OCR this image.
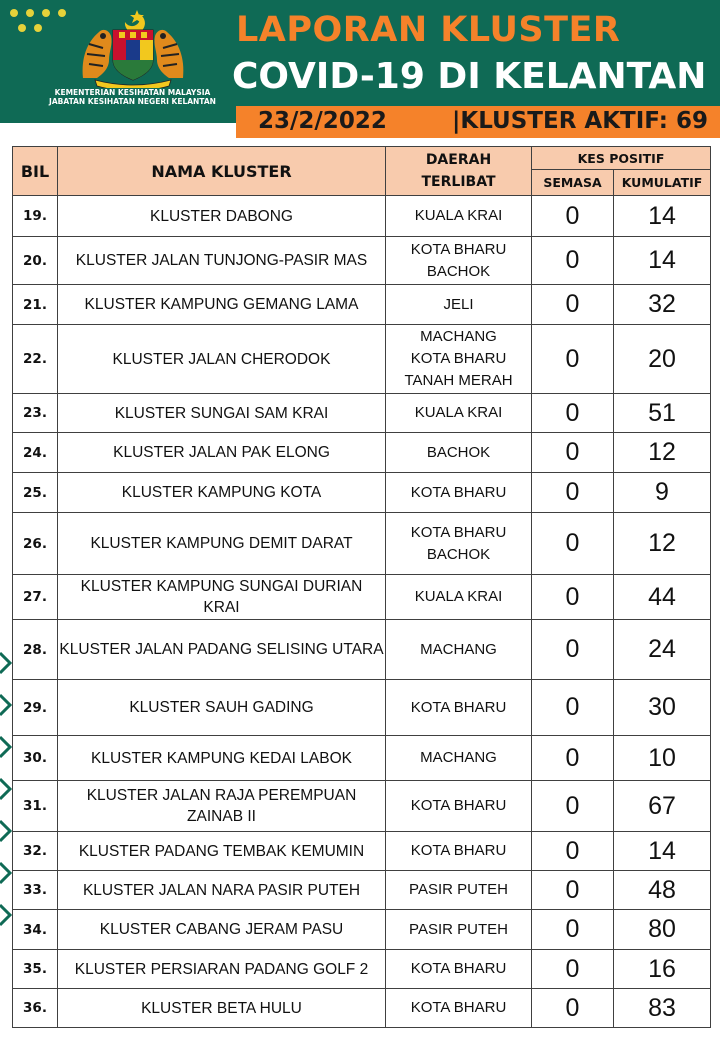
KEMENTERIAN KESIHATAN MALAYSIA
JABATAN KESIHATAN NEGERI KELANTAN
LAPORAN KLUSTER
COVID-19 DI KELANTAN
23/2/2022	|KLUSTER AKTIF: 69
BIL	NAMA KLUSTER	DAERAH
TERLIBAT	KES POSITIF	
			SEMASA	KUMULATIF
19.	KLUSTER DABONG	KUALA KRAI	0	14
20.	KLUSTER JALAN TUNJONG-PASIR MAS	KOTA BHARU
BACHOK	0	14
21.	KLUSTER KAMPUNG GEMANG LAMA	JELI	0	32
22.	KLUSTER JALAN CHERODOK	MACHANG
KOTA BHARU
TANAH MERAH	0	20
23.	KLUSTER SUNGAI SAM KRAI	KUALA KRAI	0	51
24.	KLUSTER JALAN PAK ELONG	BACHOK	0	12
25.	KLUSTER KAMPUNG KOTA	KOTA BHARU	0	9
26.	KLUSTER KAMPUNG DEMIT DARAT	KOTA BHARU
BACHOK	0	12
27.	KLUSTER KAMPUNG SUNGAI DURIAN
KRAI	KUALA KRAI	0	44
28.	KLUSTER JALAN PADANG SELISING UTARA	MACHANG	0	24
29.	KLUSTER SAUH GADING	KOTA BHARU	0	30
30.	KLUSTER KAMPUNG KEDAI LABOK	MACHANG	0	10
31.	KLUSTER JALAN RAJA PEREMPUAN
ZAINAB II	KOTA BHARU	0	67
32.	KLUSTER PADANG TEMBAK KEMUMIN	KOTA BHARU	0	14
33.	KLUSTER JALAN NARA PASIR PUTEH	PASIR PUTEH	0	48
34.	KLUSTER CABANG JERAM PASU	PASIR PUTEH	0	80
35.	KLUSTER PERSIARAN PADANG GOLF 2	KOTA BHARU	0	16
36.	KLUSTER BETA HULU	KOTA BHARU	0	83
